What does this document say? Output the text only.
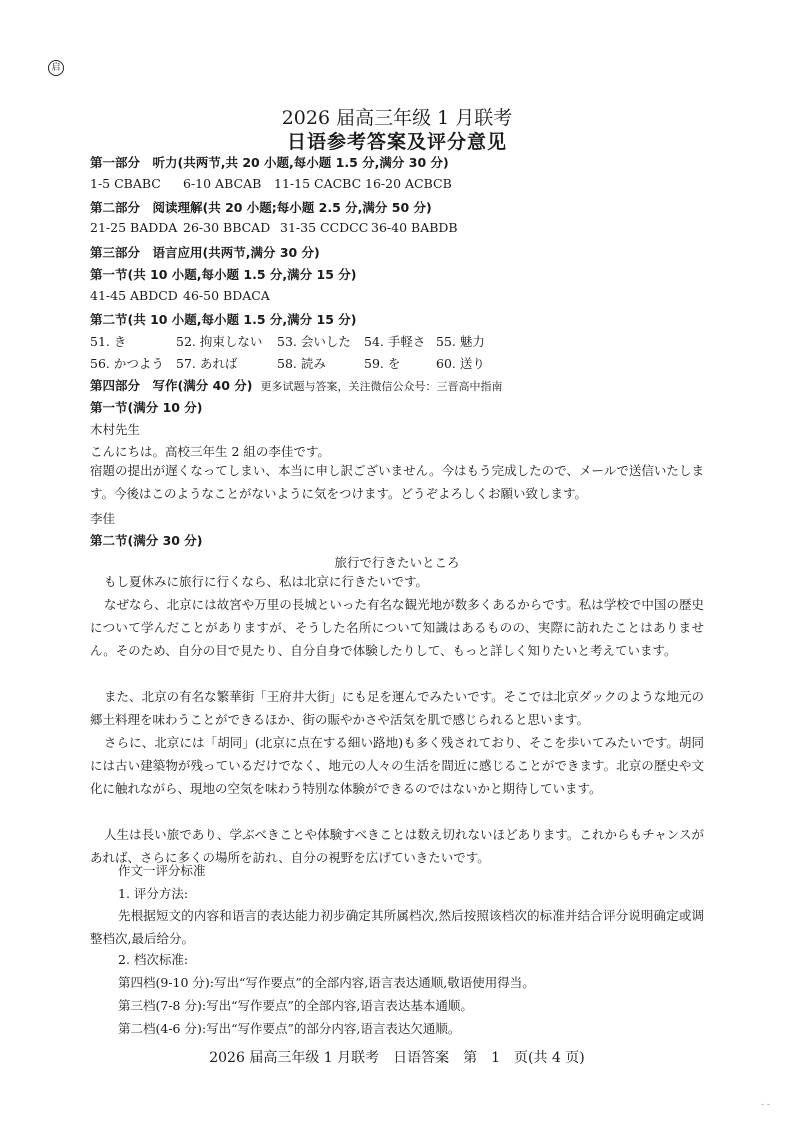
启
2026 届高三年级 1 月联考
日语参考答案及评分意见
第一部分　听力(共两节,共 20 小题,每小题 1.5 分,满分 30 分)
1-5 CBABC 6-10 ABCAB 11-15 CACBC 16-20 ACBCB
第二部分　阅读理解(共 20 小题;每小题 2.5 分,满分 50 分)
21-25 BADDA 26-30 BBCAD 31-35 CCDCC 36-40 BABDB
第三部分　语言应用(共两节,满分 30 分)
第一节(共 10 小题,每小题 1.5 分,满分 15 分)
41-45 ABDCD 46-50 BDACA
第二节(共 10 小题,每小题 1.5 分,满分 15 分)
51. き	52. 拘束しない 53. 会いした 54. 手軽さ 55. 魅力
56. かつよう 57. あれば	58. 読み	59. を	60. 送り
第四部分　写作(满分 40 分) 更多试题与答案，关注微信公众号：三晋高中指南
第一节(满分 10 分)
木村先生
こんにちは。高校三年生 2 組の李佳です。
宿題の提出が遅くなってしまい、本当に申し訳ございません。今はもう完成したので、メールで送信いたします。今後はこのようなことがないように気をつけます。どうぞよろしくお願い致します。
李佳
第二节(满分 30 分)
旅行で行きたいところ
もし夏休みに旅行に行くなら、私は北京に行きたいです。
なぜなら、北京には故宮や万里の長城といった有名な観光地が数多くあるからです。私は学校で中国の歴史について学んだことがありますが、そうした名所について知識はあるものの、実際に訪れたことはありません。そのため、自分の目で見たり、自分自身で体験したりして、もっと詳しく知りたいと考えています。
また、北京の有名な繁華街「王府井大街」にも足を運んでみたいです。そこでは北京ダックのような地元の郷土料理を味わうことができるほか、街の賑やかさや活気を肌で感じられると思います。
さらに、北京には「胡同」(北京に点在する細い路地)も多く残されており、そこを歩いてみたいです。胡同には古い建築物が残っているだけでなく、地元の人々の生活を間近に感じることができます。北京の歴史や文化に触れながら、現地の空気を味わう特別な体験ができるのではないかと期待しています。
人生は長い旅であり、学ぶべきことや体験すべきことは数え切れないほどあります。これからもチャンスがあれば、さらに多くの場所を訪れ、自分の視野を広げていきたいです。
作文一评分标准
1. 评分方法:
先根据短文的内容和语言的表达能力初步确定其所属档次,然后按照该档次的标准并结合评分说明确定或调整档次,最后给分。
2. 档次标准:
第四档(9-10 分):写出“写作要点”的全部内容,语言表达通顺,敬语使用得当。
第三档(7-8 分):写出“写作要点”的全部内容,语言表达基本通顺。
2026 届高三年级 1 月联考　日语答案　第　1　页(共 4 页)
- -
第二档(4-6 分):写出“写作要点”的部分内容,语言表达欠通顺。
